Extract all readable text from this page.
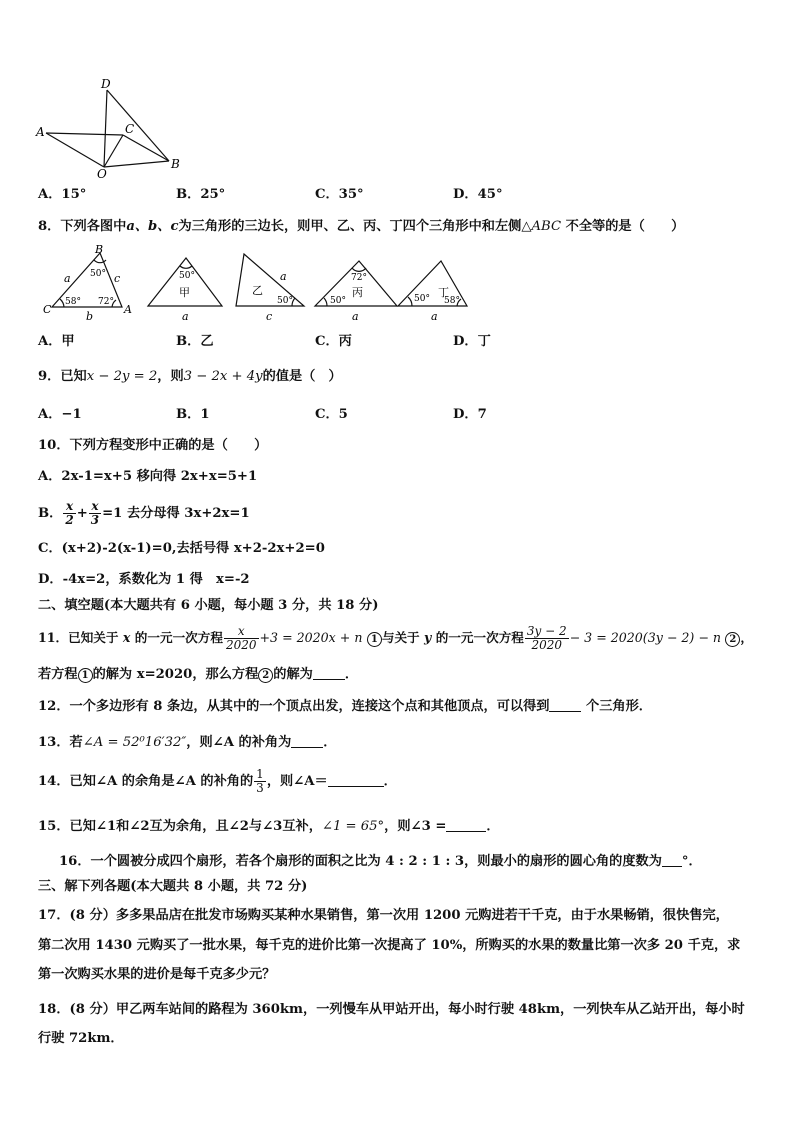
D
A	C
O
B
A．15°	B．25°	C．35°	D．45°
8．下列各图中a、b、c为三角形的三边长，则甲、乙、丙、丁四个三角形中和左侧△ABC 不全等的是（　　）
B
C	A
a	c
b
50°
58° 72°
50°
甲
a
乙
50°
a
c
72°
丙
50°
a
50° 丁
58°
a
A．甲	B．乙	C．丙	D．丁
9．已知x − 2y = 2，则3 − 2x + 4y的值是（　）
A．−1	B．1	C．5	D．7
10．下列方程变形中正确的是（　　）
A．2x-1=x+5 移向得 2x+x=5+1
B． $\frac{x}{2} + \frac{x}{3} =1$ 去分母得 3x+2x=1
C．(x+2)-2(x-1)=0,去括号得 x+2-2x+2=0
D．-4x=2，系数化为 1 得　x=-2
二、填空题(本大题共有 6 小题，每小题 3 分，共 18 分)
11．已知关于 x 的一元一次方程 $\frac{x}{2020} +3 = 2020x + n$ 1 与关于 y 的一元一次方程 $\frac{3y - 2}{2020} - 3 = 2020(3y - 2) - n$ 2 ，
若方程 1 的解为 x=2020，那么方程 2 的解为 ．
12．一个多边形有 8 条边，从其中的一个顶点出发，连接这个点和其他顶点，可以得到 个三角形．
13．若∠A = 52⁰16′32″，则∠A 的补角为 ．
14．已知∠A 的余角是∠A 的补角的 $\frac{1}{3}$ ，则∠A＝	．
15．已知∠1和∠2互为余角，且∠2与∠3互补，∠1 = 65°，则∠3 =	．
16．一个圆被分成四个扇形，若各个扇形的面积之比为 4 : 2 : 1 : 3，则最小的扇形的圆心角的度数为 °．
三、解下列各题(本大题共 8 小题，共 72 分)
17．(8 分）多多果品店在批发市场购买某种水果销售，第一次用 1200 元购进若干千克，由于水果畅销，很快售完，
第二次用 1430 元购买了一批水果，每千克的进价比第一次提高了 10%，所购买的水果的数量比第一次多 20 千克，求
第一次购买水果的进价是每千克多少元？
18．(8 分）甲乙两车站间的路程为 360km，一列慢车从甲站开出，每小时行驶 48km，一列快车从乙站开出，每小时
行驶 72km．
